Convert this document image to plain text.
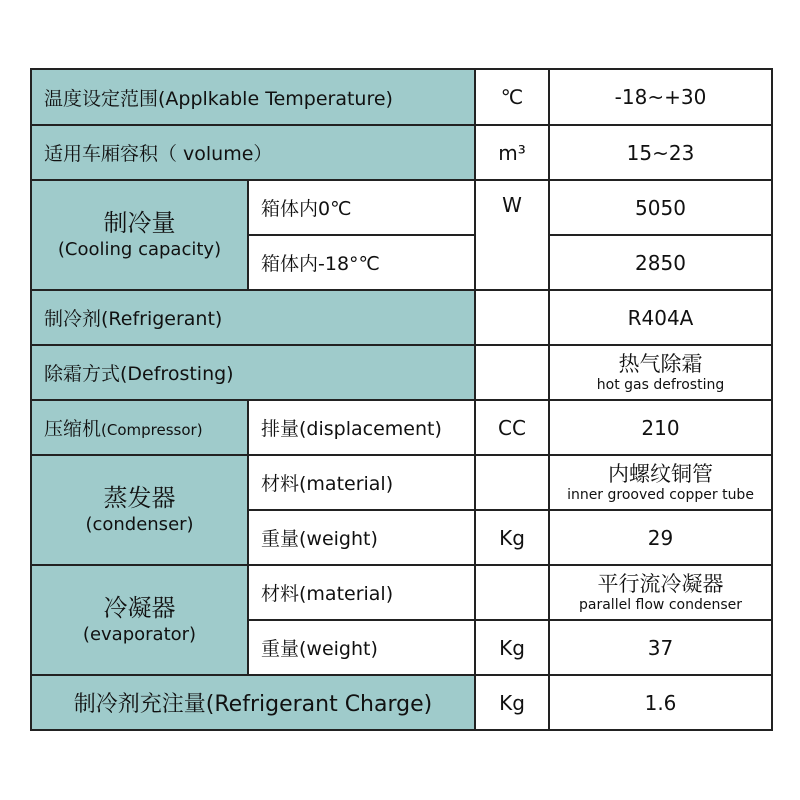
温度设定范围(Applkable Temperature)		℃	-18~+30
适用车厢容积（ volume）		m³	15~23

制冷量
(Cooling capacity)	箱体内0℃	W	5050
	箱体内-18°℃		2850
制冷剂(Refrigerant)			R404A
除霜方式(Defrosting)			热气除霜
hot gas defrosting

压缩机(Compressor)	排量(displacement)	CC	210

蒸发器
(condenser)	材料(material)		内螺纹铜管
inner grooved copper tube

	重量(weight)	Kg	29

冷凝器
(evaporator)	材料(material)		平行流冷凝器
parallel flow condenser

	重量(weight)	Kg	37
制冷剂充注量(Refrigerant Charge)		Kg	1.6
